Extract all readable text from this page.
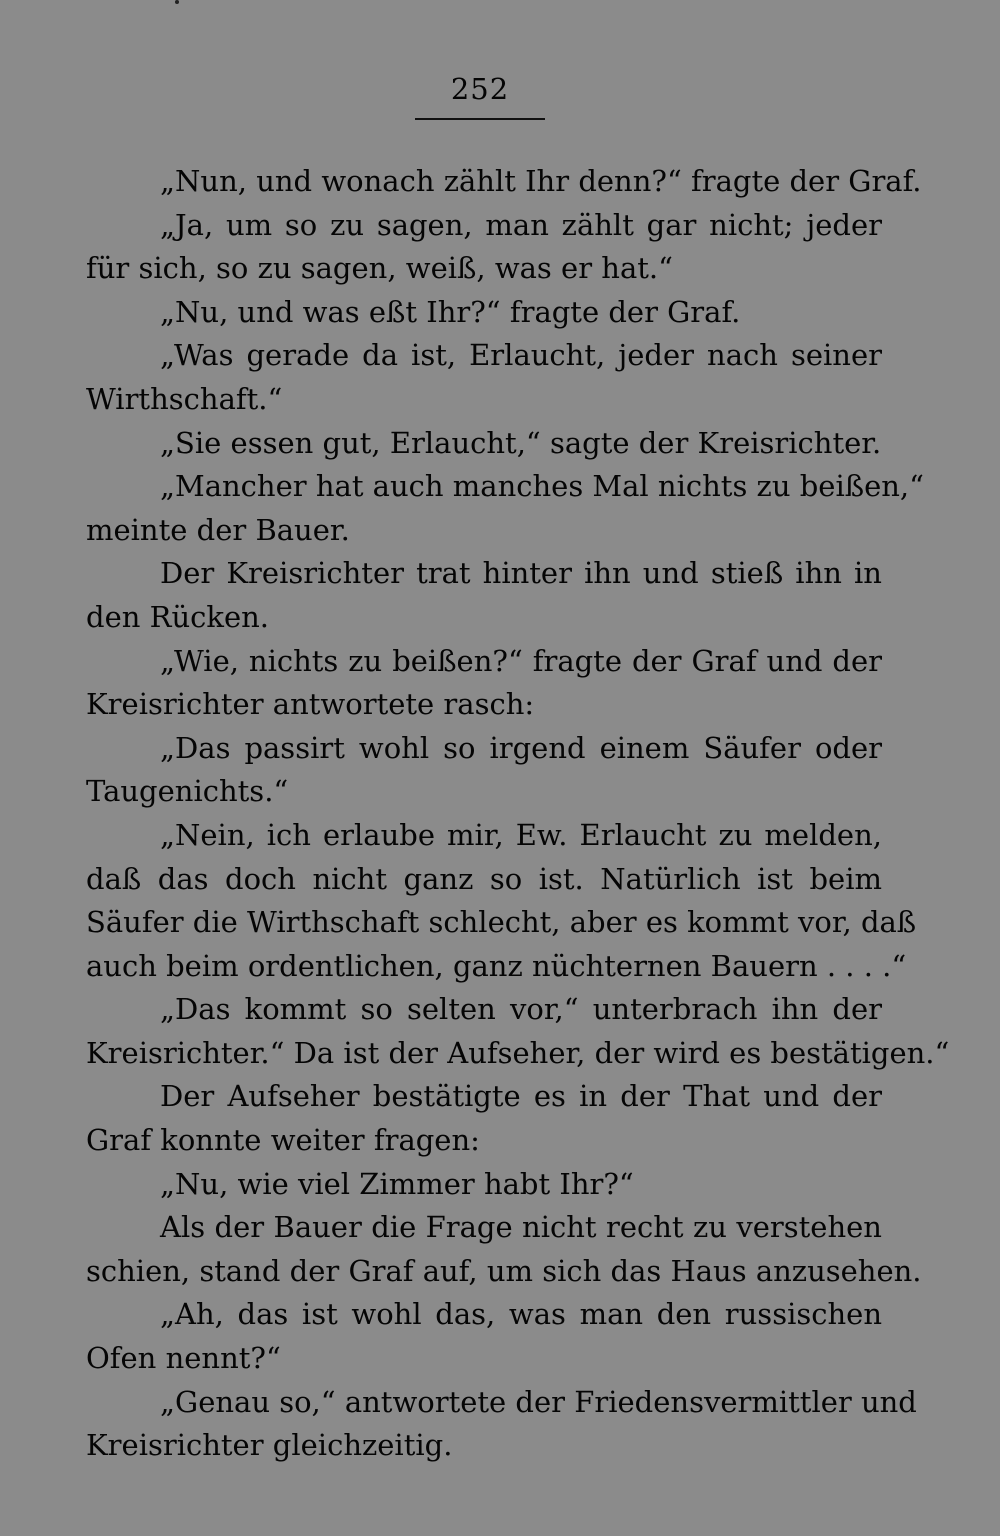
252
„Nun, und wonach zählt Ihr denn?“ fragte der Graf.
„Ja, um so zu sagen, man zählt gar nicht; jeder
für sich, so zu sagen, weiß, was er hat.“
„Nu, und was eßt Ihr?“ fragte der Graf.
„Was gerade da ist, Erlaucht, jeder nach seiner
Wirthschaft.“
„Sie essen gut, Erlaucht,“ sagte der Kreisrichter.
„Mancher hat auch manches Mal nichts zu beißen,“
meinte der Bauer.
Der Kreisrichter trat hinter ihn und stieß ihn in
den Rücken.
„Wie, nichts zu beißen?“ fragte der Graf und der
Kreisrichter antwortete rasch:
„Das passirt wohl so irgend einem Säufer oder
Taugenichts.“
„Nein, ich erlaube mir, Ew. Erlaucht zu melden,
daß das doch nicht ganz so ist. Natürlich ist beim
Säufer die Wirthschaft schlecht, aber es kommt vor, daß
auch beim ordentlichen, ganz nüchternen Bauern . . . .“
„Das kommt so selten vor,“ unterbrach ihn der
Kreisrichter.“ Da ist der Aufseher, der wird es bestätigen.“
Der Aufseher bestätigte es in der That und der
Graf konnte weiter fragen:
„Nu, wie viel Zimmer habt Ihr?“
Als der Bauer die Frage nicht recht zu verstehen
schien, stand der Graf auf, um sich das Haus anzusehen.
„Ah, das ist wohl das, was man den russischen
Ofen nennt?“
„Genau so,“ antwortete der Friedensvermittler und
Kreisrichter gleichzeitig.
